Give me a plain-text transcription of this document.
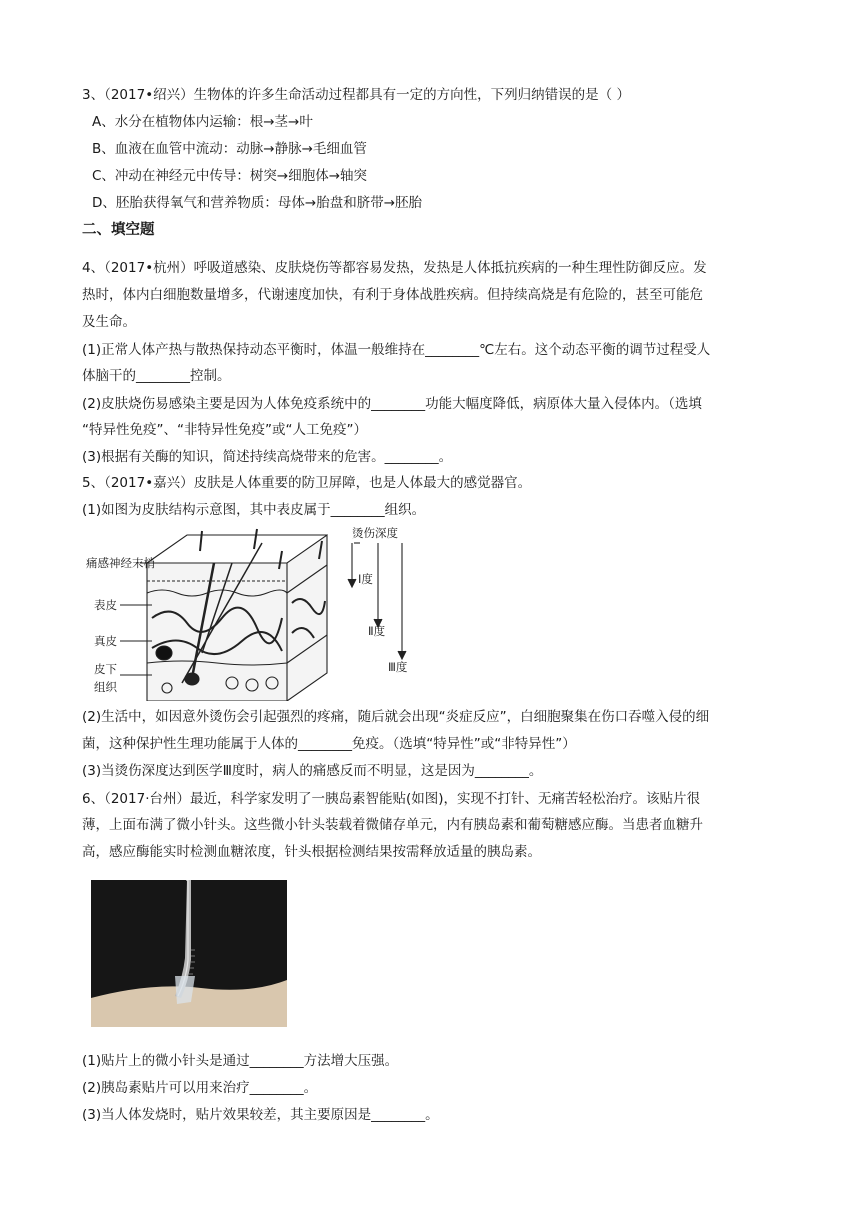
3、（2017•绍兴）生物体的许多生命活动过程都具有一定的方向性，下列归纳错误的是（ ）
A、水分在植物体内运输：根→茎→叶
B、血液在血管中流动：动脉→静脉→毛细血管
C、冲动在神经元中传导：树突→细胞体→轴突
D、胚胎获得氧气和营养物质：母体→胎盘和脐带→胚胎
二、填空题
4、（2017•杭州）呼吸道感染、皮肤烧伤等都容易发热，发热是人体抵抗疾病的一种生理性防御反应。发
热时，体内白细胞数量增多，代谢速度加快，有利于身体战胜疾病。但持续高烧是有危险的，甚至可能危
及生命。
(1)正常人体产热与散热保持动态平衡时，体温一般维持在________℃左右。这个动态平衡的调节过程受人
体脑干的________控制。
(2)皮肤烧伤易感染主要是因为人体免疫系统中的________功能大幅度降低，病原体大量入侵体内。（选填
“特异性免疫”、“非特异性免疫”或“人工免疫”）
(3)根据有关酶的知识，简述持续高烧带来的危害。________。
5、（2017•嘉兴）皮肤是人体重要的防卫屏障，也是人体最大的感觉器官。
(1)如图为皮肤结构示意图，其中表皮属于________组织。
痛感神经末梢
表皮
真皮
皮下
组织
烫伤深度
Ⅰ度
Ⅱ度
Ⅲ度
(2)生活中，如因意外烫伤会引起强烈的疼痛，随后就会出现“炎症反应”，白细胞聚集在伤口吞噬入侵的细
菌，这种保护性生理功能属于人体的________免疫。（选填“特异性”或“非特异性”）
(3)当烫伤深度达到医学Ⅲ度时，病人的痛感反而不明显，这是因为________。
6、（2017·台州）最近，科学家发明了一胰岛素智能贴(如图)，实现不打针、无痛苦轻松治疗。该贴片很
薄，上面布满了微小针头。这些微小针头装载着微储存单元，内有胰岛素和葡萄糖感应酶。当患者血糖升
高，感应酶能实时检测血糖浓度，针头根据检测结果按需释放适量的胰岛素。
(1)贴片上的微小针头是通过________方法增大压强。
(2)胰岛素贴片可以用来治疗________。
(3)当人体发烧时，贴片效果较差，其主要原因是________。
